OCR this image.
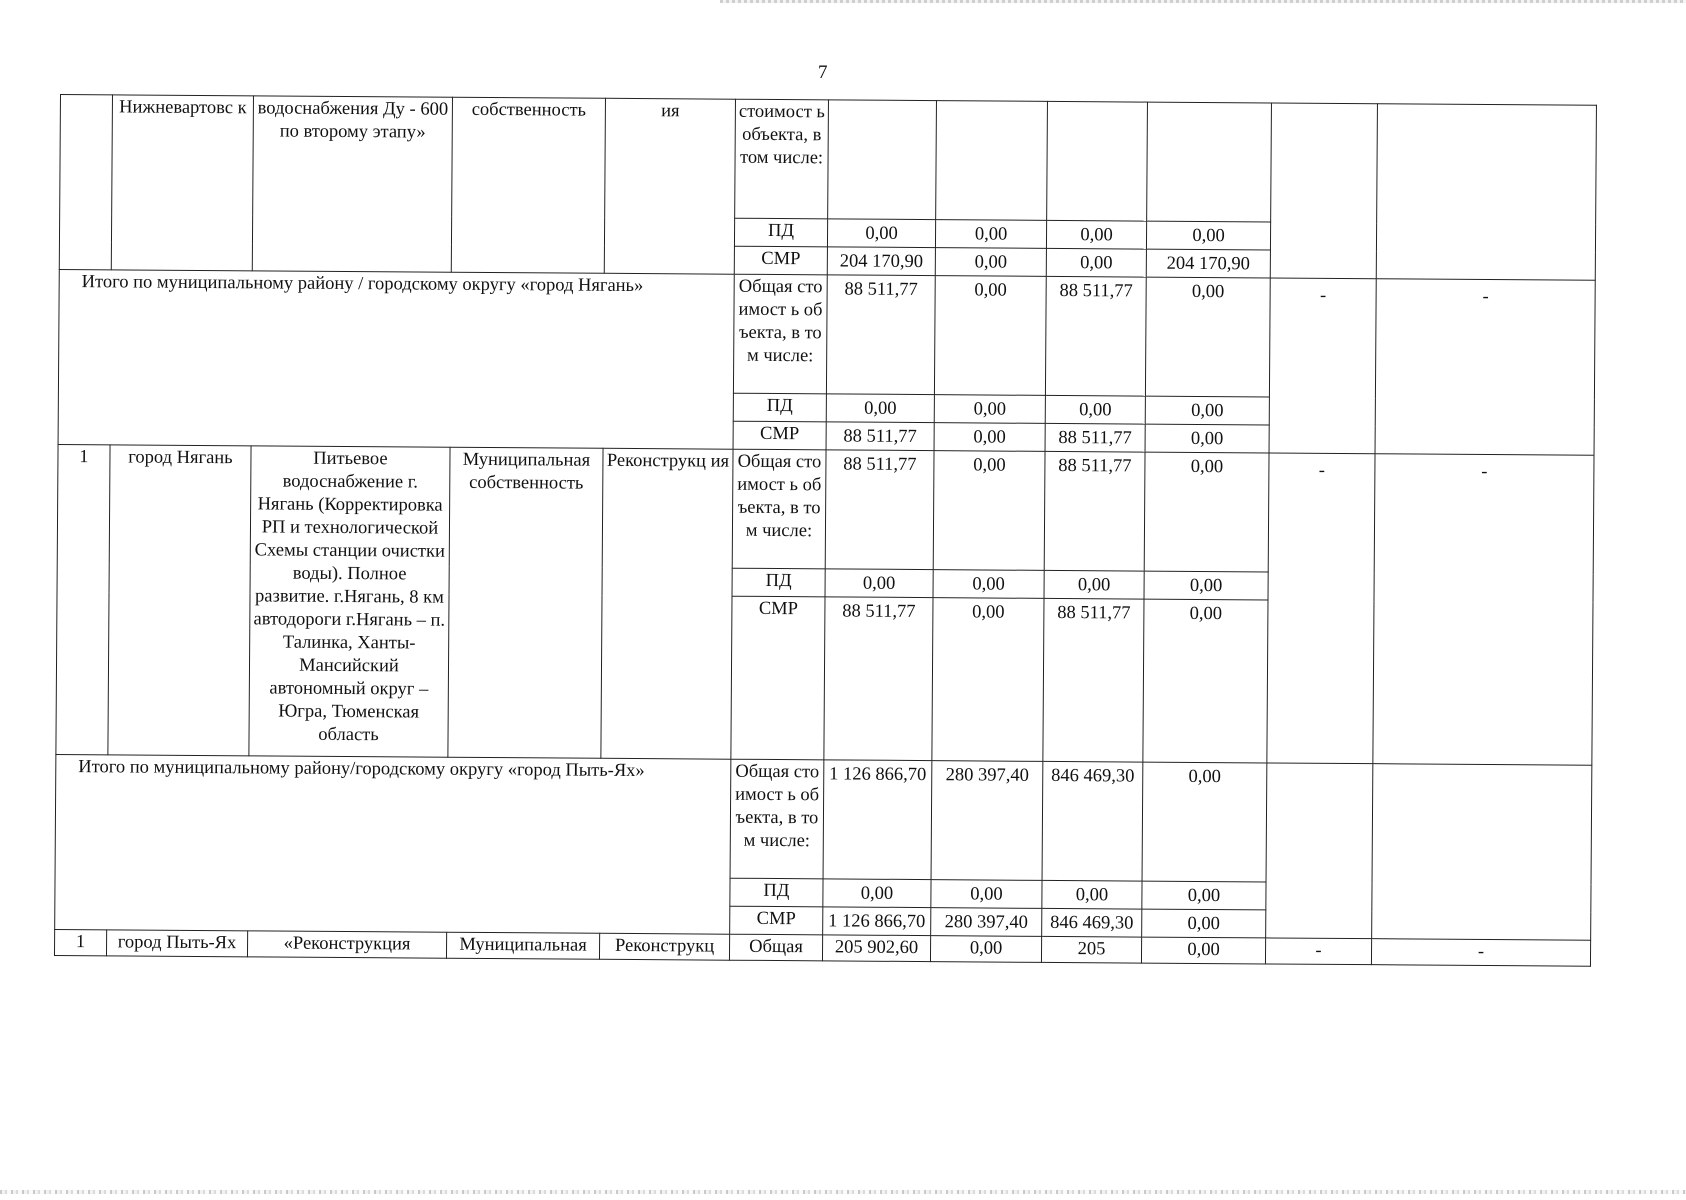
7
	Нижневартовс к	водоснабжения Ду - 600 по второму этапу»	собственность	ия	стоимост ь объекта, в том числе:						
					ПД	0,00	0,00	0,00	0,00		
					СМР	204 170,90	0,00	0,00	204 170,90		
Итого по муниципальному району / городскому округу «город Нягань»					Общая стоимост ь объекта, в том числе:	88 511,77	0,00	88 511,77	0,00	-	-
					ПД	0,00	0,00	0,00	0,00		
					СМР	88 511,77	0,00	88 511,77	0,00		
1	город Нягань	Питьевое водоснабжение г. Нягань (Корректировка РП и технологической Схемы станции очистки воды). Полное развитие. г.Нягань, 8 км автодороги г.Нягань – п. Талинка, Ханты-Мансийский автономный округ – Югра, Тюменская область	Муниципальная собственность	Реконструкц ия	Общая стоимост ь объекта, в том числе:	88 511,77	0,00	88 511,77	0,00	-	-
					ПД	0,00	0,00	0,00	0,00		
					СМР	88 511,77	0,00	88 511,77	0,00		
Итого по муниципальному району/городскому округу «город Пыть-Ях»					Общая стоимост ь объекта, в том числе:	1 126 866,70	280 397,40	846 469,30	0,00		
					ПД	0,00	0,00	0,00	0,00		
					СМР	1 126 866,70	280 397,40	846 469,30	0,00		
1	город Пыть-Ях	«Реконструкция	Муниципальная	Реконструкц	Общая	205 902,60	0,00	205	0,00	-	-
